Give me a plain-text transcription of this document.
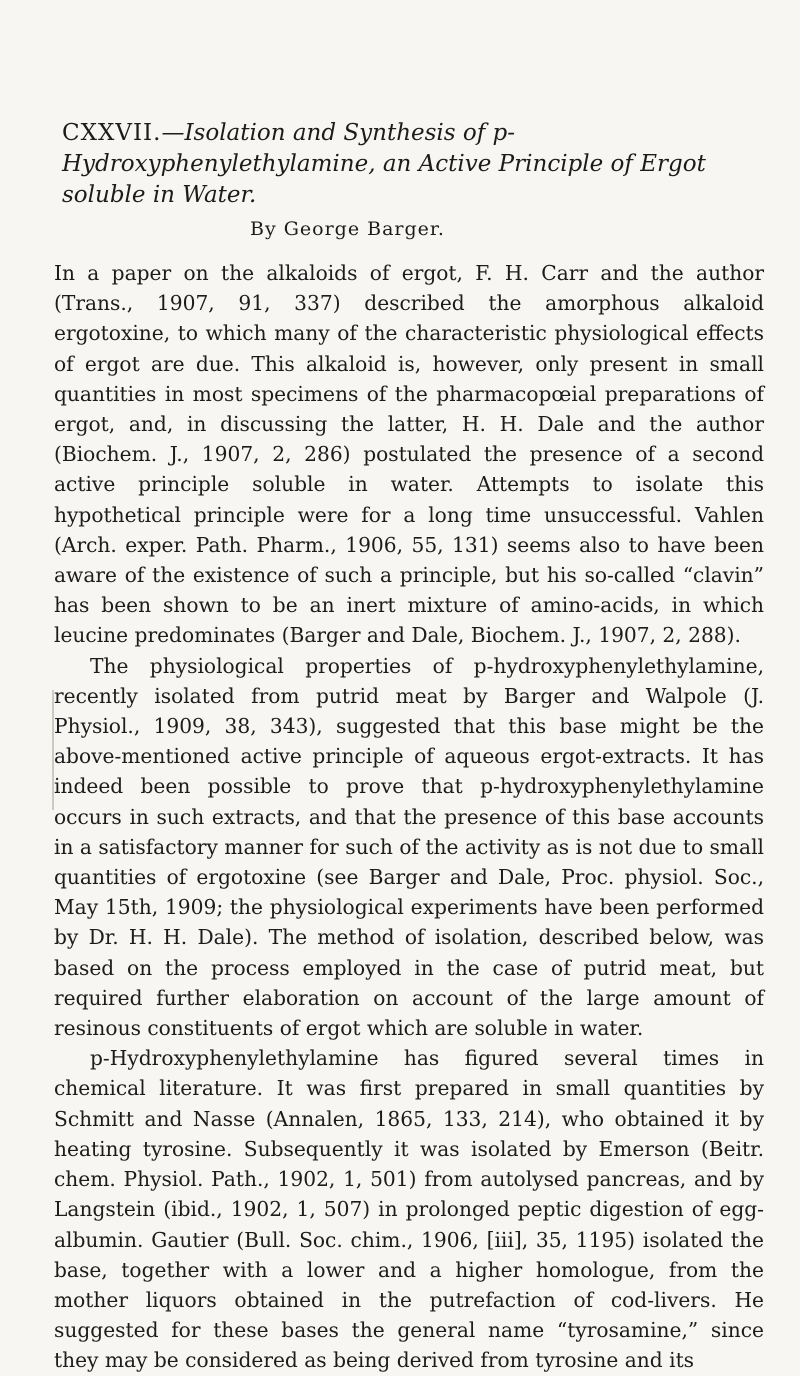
CXXVII.—Isolation and Synthesis of p-Hydroxyphenylethylamine, an Active Principle of Ergot soluble in Water.
By George Barger.

In a paper on the alkaloids of ergot, F. H. Carr and the author (Trans., 1907, 91, 337) described the amorphous alkaloid ergotoxine, to which many of the characteristic physiological effects of ergot are due. This alkaloid is, however, only present in small quantities in most specimens of the pharmacopœial preparations of ergot, and, in discussing the latter, H. H. Dale and the author (Biochem. J., 1907, 2, 286) postulated the presence of a second active principle soluble in water. Attempts to isolate this hypothetical principle were for a long time unsuccessful. Vahlen (Arch. exper. Path. Pharm., 1906, 55, 131) seems also to have been aware of the existence of such a principle, but his so-called “clavin” has been shown to be an inert mixture of amino-acids, in which leucine predominates (Barger and Dale, Biochem. J., 1907, 2, 288).

The physiological properties of p-hydroxyphenylethylamine, recently isolated from putrid meat by Barger and Walpole (J. Physiol., 1909, 38, 343), suggested that this base might be the above-mentioned active principle of aqueous ergot-extracts. It has indeed been possible to prove that p-hydroxyphenylethylamine occurs in such extracts, and that the presence of this base accounts in a satisfactory manner for such of the activity as is not due to small quantities of ergotoxine (see Barger and Dale, Proc. physiol. Soc., May 15th, 1909; the physiological experiments have been performed by Dr. H. H. Dale). The method of isolation, described below, was based on the process employed in the case of putrid meat, but required further elaboration on account of the large amount of resinous constituents of ergot which are soluble in water.

p-Hydroxyphenylethylamine has figured several times in chemical literature. It was first prepared in small quantities by Schmitt and Nasse (Annalen, 1865, 133, 214), who obtained it by heating tyrosine. Subsequently it was isolated by Emerson (Beitr. chem. Physiol. Path., 1902, 1, 501) from autolysed pancreas, and by Langstein (ibid., 1902, 1, 507) in prolonged peptic digestion of egg-albumin. Gautier (Bull. Soc. chim., 1906, [iii], 35, 1195) isolated the base, together with a lower and a higher homologue, from the mother liquors obtained in the putrefaction of cod-livers. He suggested for these bases the general name “tyrosamine,” since they may be considered as being derived from tyrosine and its
